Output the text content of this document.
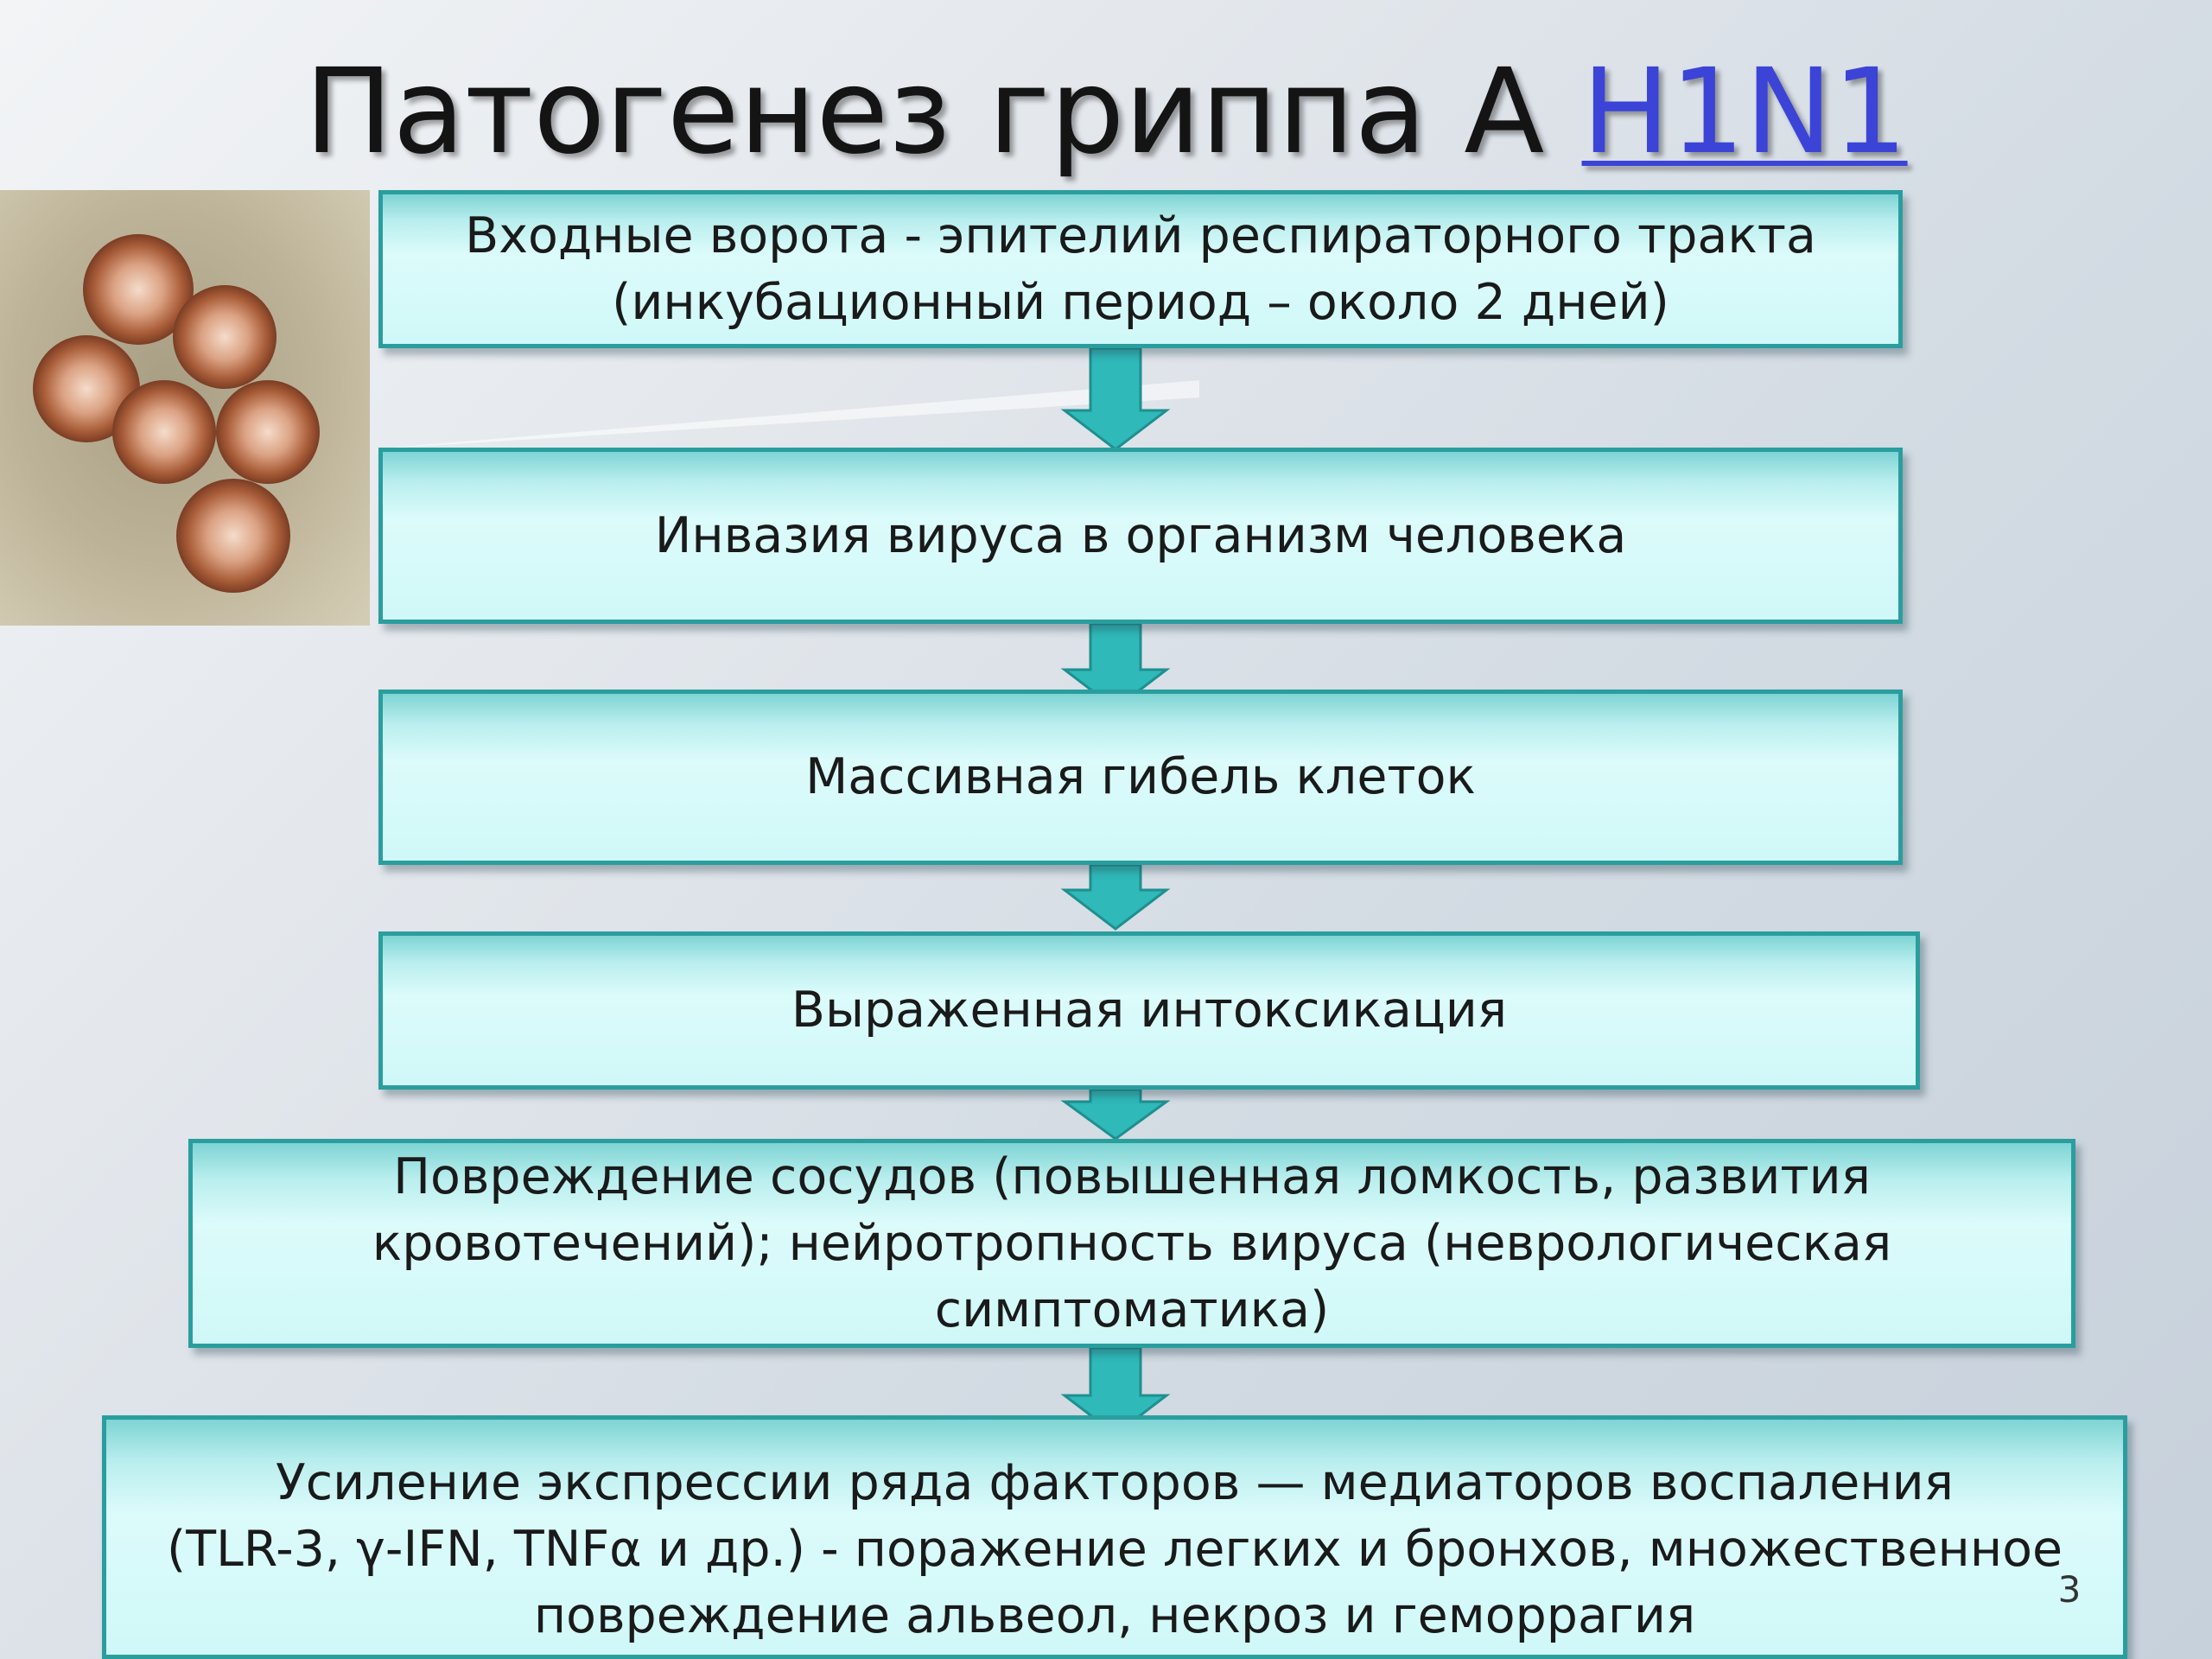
Патогенез гриппа А H1N1
Входные ворота - эпителий респираторного тракта
(инкубационный период – около 2 дней)
Инвазия вируса в организм человека
Массивная гибель клеток
Выраженная интоксикация
Повреждение сосудов (повышенная ломкость, развития
кровотечений); нейротропность вируса (неврологическая
симптоматика)
Усиление экспрессии ряда факторов — медиаторов воспаления
(TLR-3, γ-IFN, TNFα и др.) - поражение легких и бронхов, множественное
повреждение альвеол, некроз и геморрагия	3
